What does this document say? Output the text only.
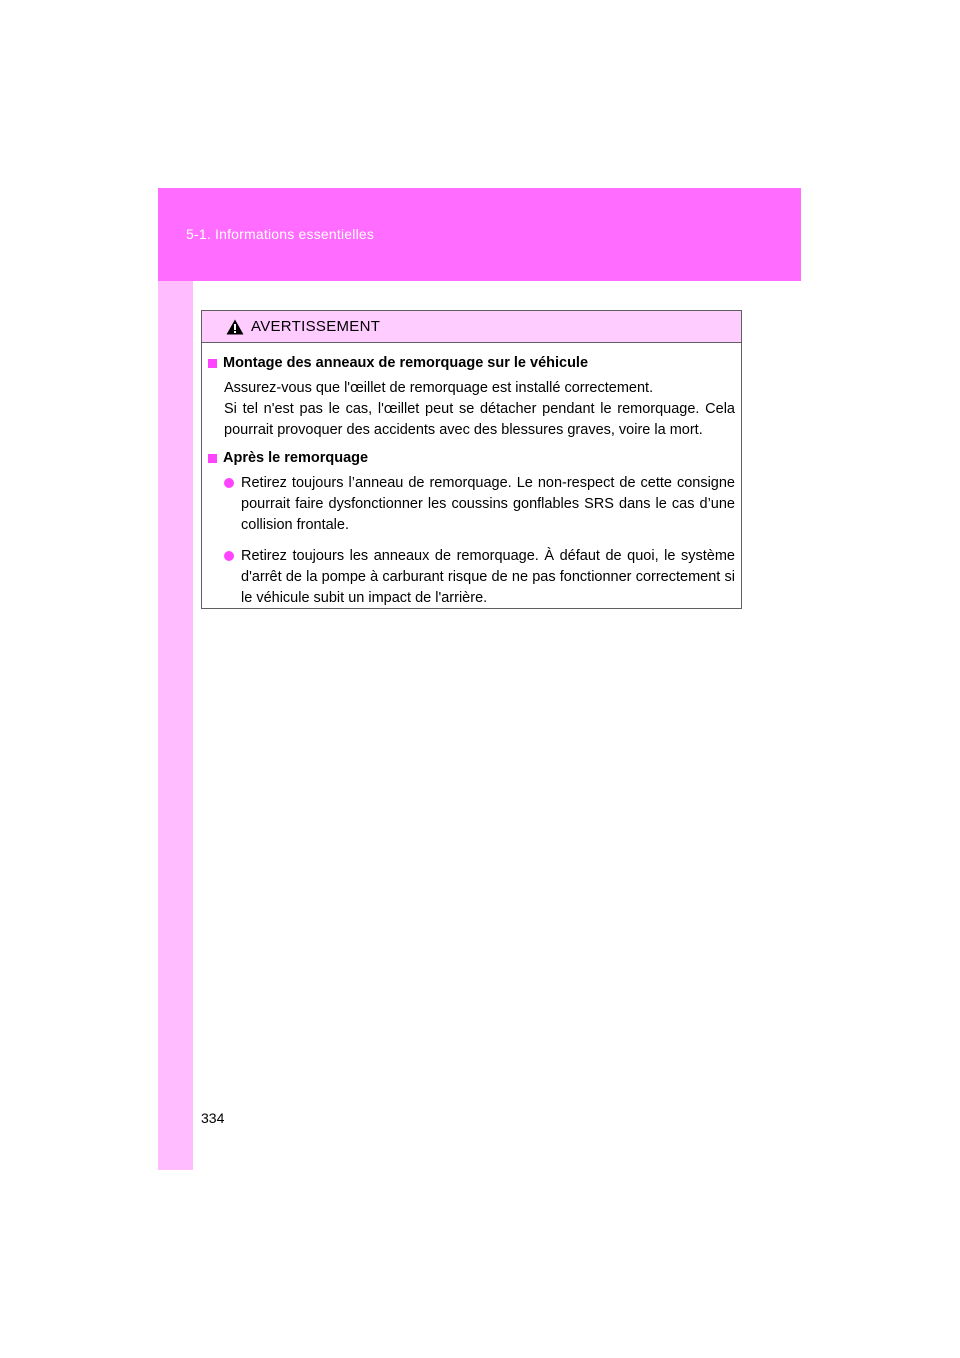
5-1. Informations essentielles
AVERTISSEMENT
Montage des anneaux de remorquage sur le véhicule
Assurez-vous que l'œillet de remorquage est installé correctement.
Si tel n'est pas le cas, l'œillet peut se détacher pendant le remorquage. Cela pourrait provoquer des accidents avec des blessures graves, voire la mort.
Après le remorquage
Retirez toujours l’anneau de remorquage. Le non-respect de cette consigne pourrait faire dysfonctionner les coussins gonflables SRS dans le cas d’une collision frontale.
Retirez toujours les anneaux de remorquage. À défaut de quoi, le système d'arrêt de la pompe à carburant risque de ne pas fonctionner correctement si le véhicule subit un impact de l'arrière.
334
